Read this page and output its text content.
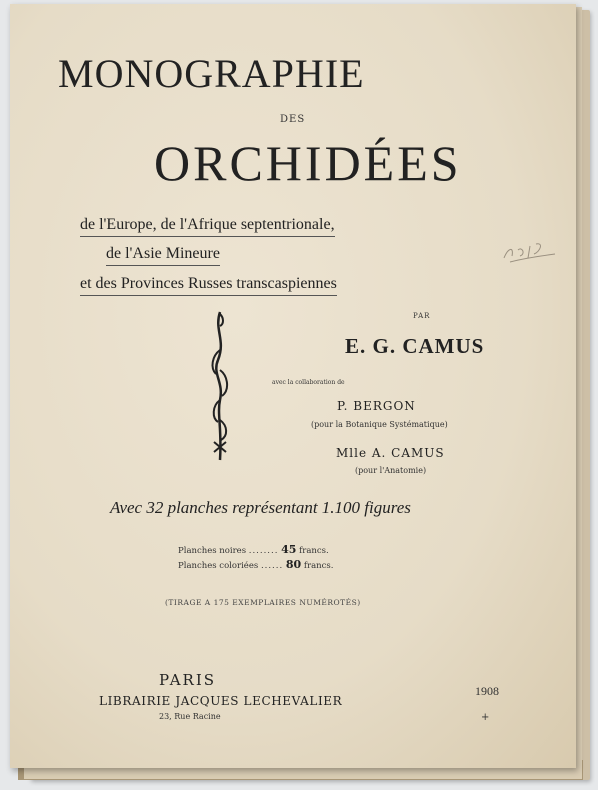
MONOGRAPHIE
DES
ORCHIDÉES
de l'Europe, de l'Afrique septentrionale,
de l'Asie Mineure
et des Provinces Russes transcaspiennes
PAR
E. G. CAMUS
avec la collaboration de
P. BERGON
(pour la Botanique Systématique)
Mlle A. CAMUS
(pour l'Anatomie)
Avec 32 planches représentant 1.100 figures
Planches noires ........ 45 francs.
Planches coloriées ...... 80 francs.
(TIRAGE A 175 EXEMPLAIRES NUMÉROTÉS)
PARIS
LIBRAIRIE JACQUES LECHEVALIER
23, Rue Racine
1908
+
